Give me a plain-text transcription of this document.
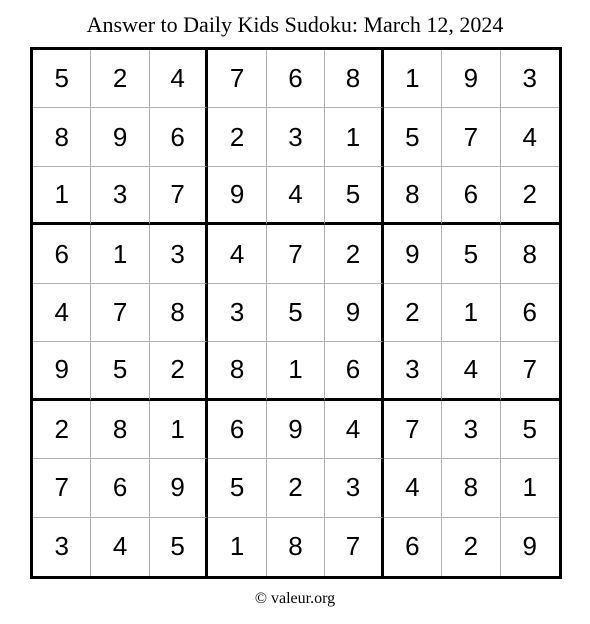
Answer to Daily Kids Sudoku: March 12, 2024
5	2	4	7	6	8	1	9	3
8	9	6	2	3	1	5	7	4
1	3	7	9	4	5	8	6	2
6	1	3	4	7	2	9	5	8
4	7	8	3	5	9	2	1	6
9	5	2	8	1	6	3	4	7
2	8	1	6	9	4	7	3	5
7	6	9	5	2	3	4	8	1
3	4	5	1	8	7	6	2	9
© valeur.org
